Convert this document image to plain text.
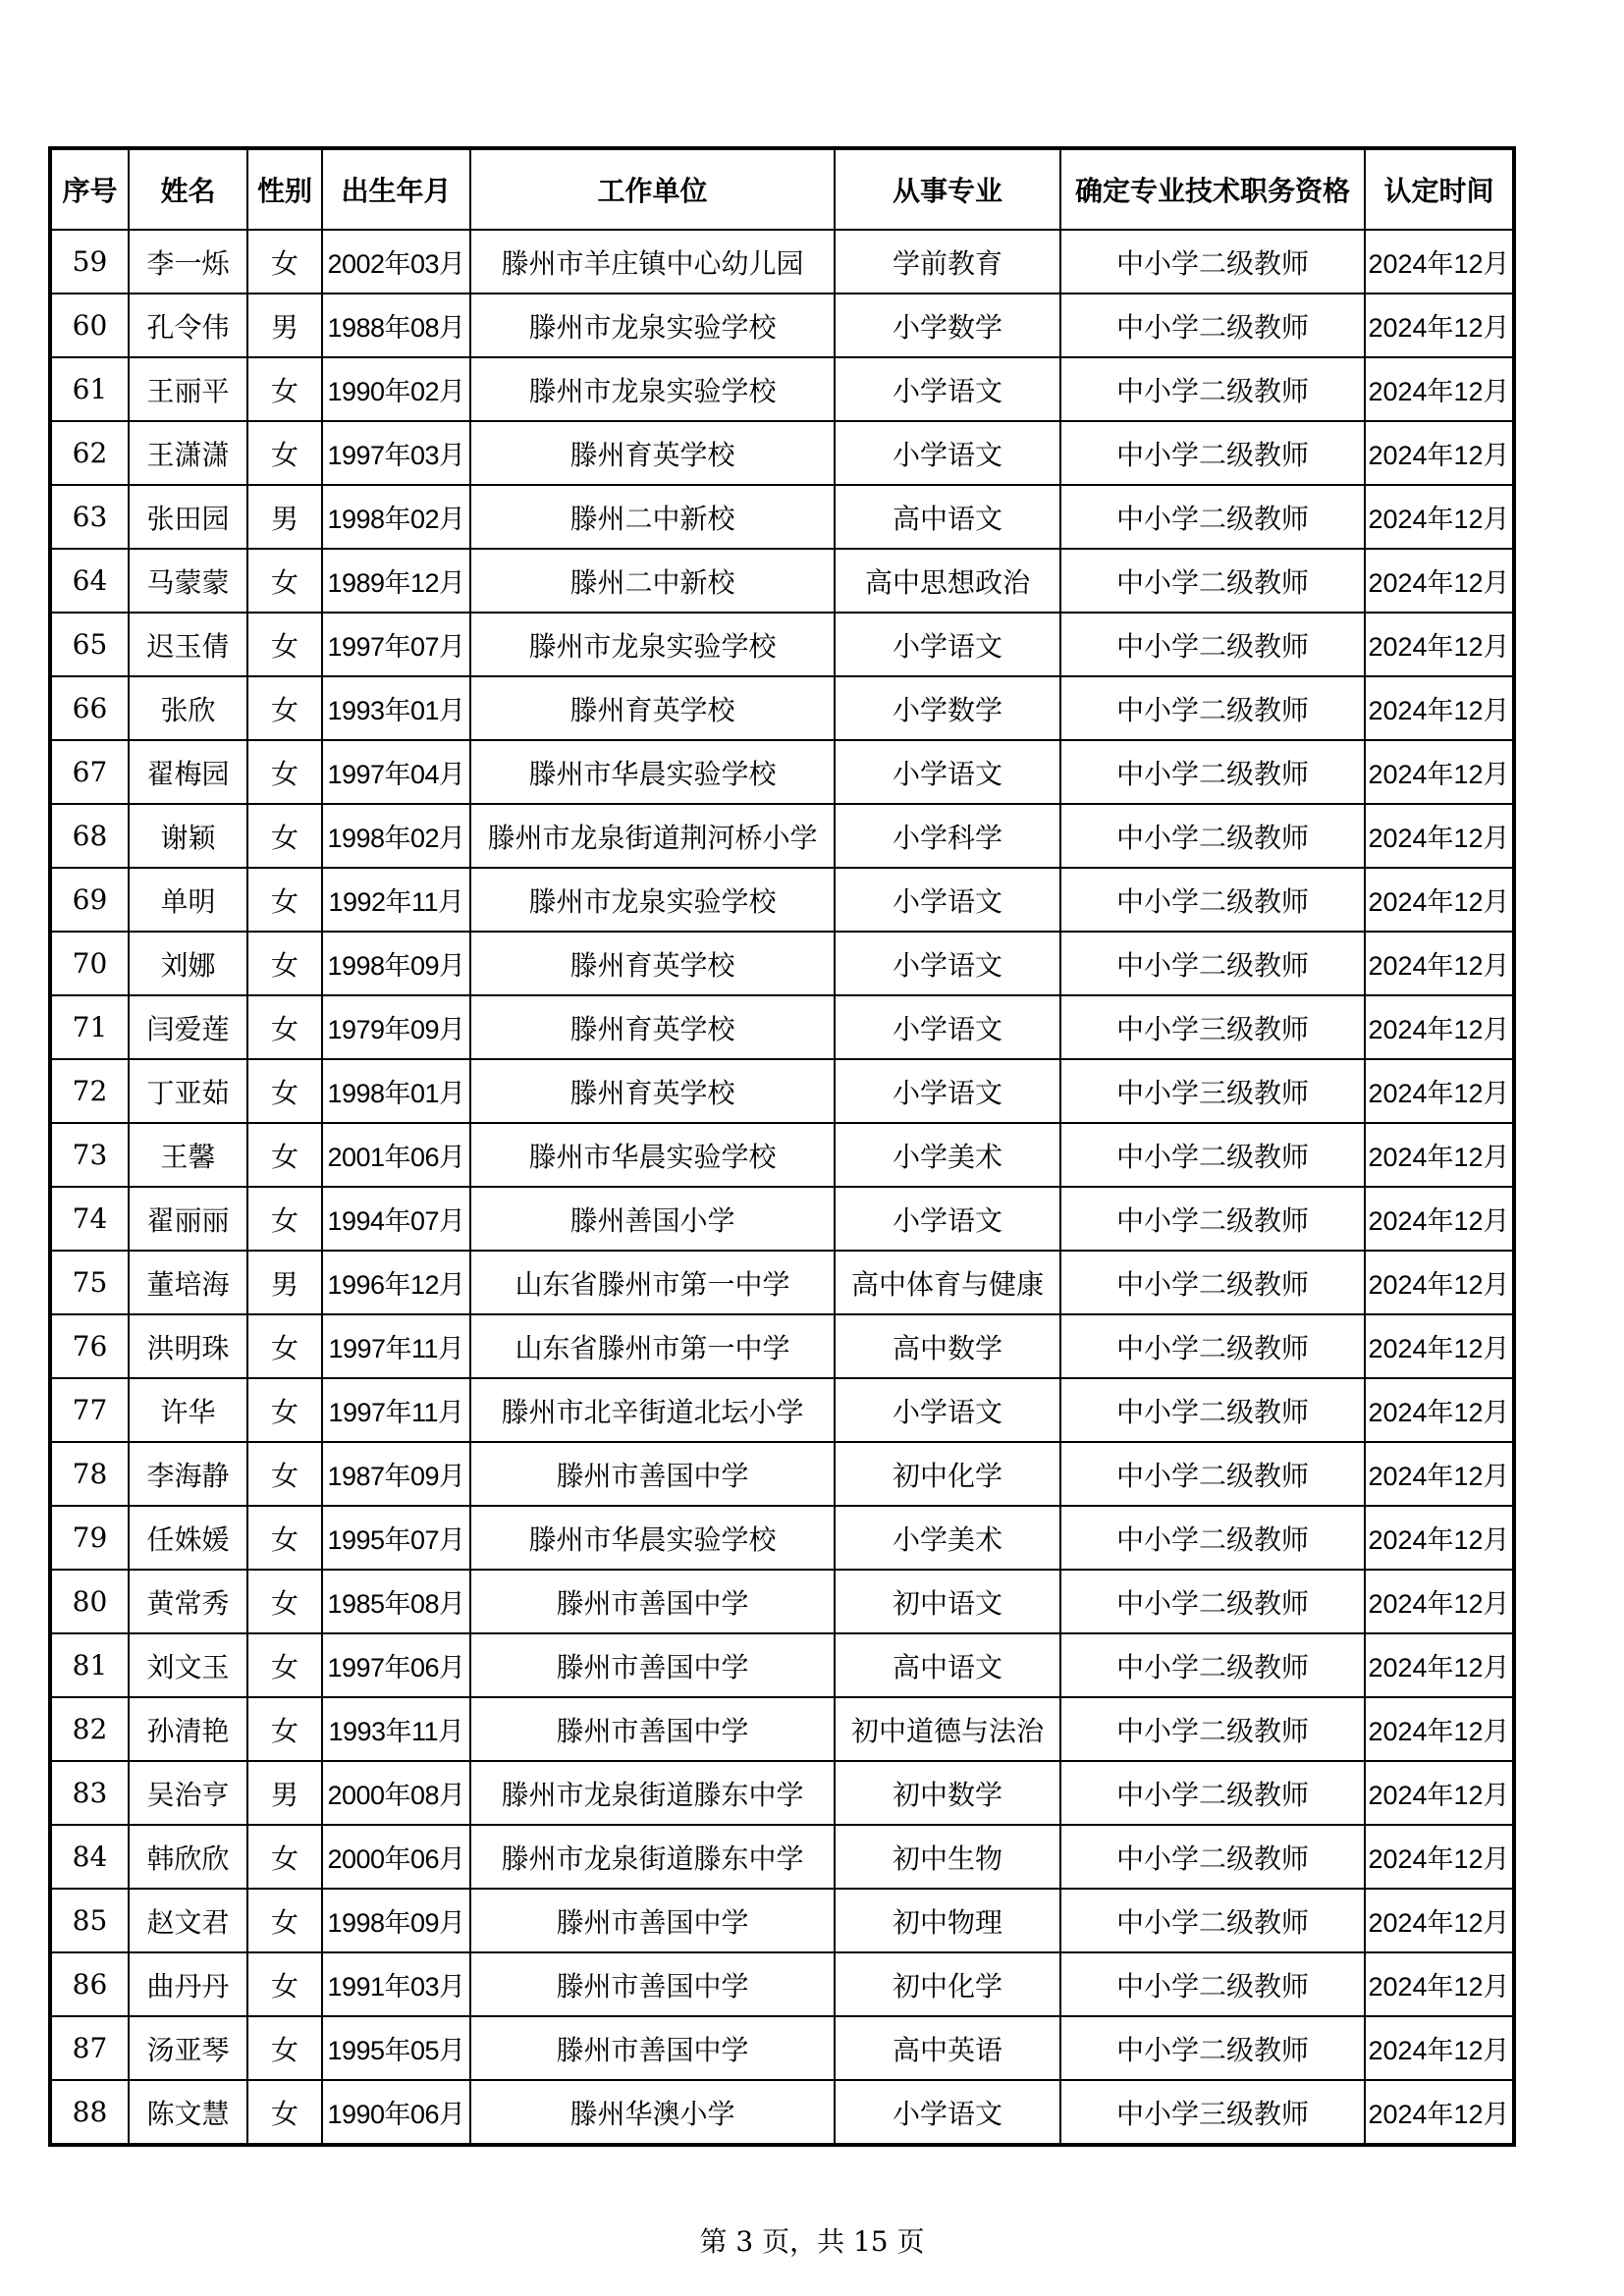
序号	姓名	性别	出生年月	工作单位	从事专业	确定专业技术职务资格	认定时间
59	李一烁	女	2002年03月	滕州市羊庄镇中心幼儿园	学前教育	中小学二级教师	2024年12月
60	孔令伟	男	1988年08月	滕州市龙泉实验学校	小学数学	中小学二级教师	2024年12月
61	王丽平	女	1990年02月	滕州市龙泉实验学校	小学语文	中小学二级教师	2024年12月
62	王潇潇	女	1997年03月	滕州育英学校	小学语文	中小学二级教师	2024年12月
63	张田园	男	1998年02月	滕州二中新校	高中语文	中小学二级教师	2024年12月
64	马蒙蒙	女	1989年12月	滕州二中新校	高中思想政治	中小学二级教师	2024年12月
65	迟玉倩	女	1997年07月	滕州市龙泉实验学校	小学语文	中小学二级教师	2024年12月
66	张欣	女	1993年01月	滕州育英学校	小学数学	中小学二级教师	2024年12月
67	翟梅园	女	1997年04月	滕州市华晨实验学校	小学语文	中小学二级教师	2024年12月
68	谢颖	女	1998年02月	滕州市龙泉街道荆河桥小学	小学科学	中小学二级教师	2024年12月
69	单明	女	1992年11月	滕州市龙泉实验学校	小学语文	中小学二级教师	2024年12月
70	刘娜	女	1998年09月	滕州育英学校	小学语文	中小学二级教师	2024年12月
71	闫爱莲	女	1979年09月	滕州育英学校	小学语文	中小学三级教师	2024年12月
72	丁亚茹	女	1998年01月	滕州育英学校	小学语文	中小学三级教师	2024年12月
73	王馨	女	2001年06月	滕州市华晨实验学校	小学美术	中小学二级教师	2024年12月
74	翟丽丽	女	1994年07月	滕州善国小学	小学语文	中小学二级教师	2024年12月
75	董培海	男	1996年12月	山东省滕州市第一中学	高中体育与健康	中小学二级教师	2024年12月
76	洪明珠	女	1997年11月	山东省滕州市第一中学	高中数学	中小学二级教师	2024年12月
77	许华	女	1997年11月	滕州市北辛街道北坛小学	小学语文	中小学二级教师	2024年12月
78	李海静	女	1987年09月	滕州市善国中学	初中化学	中小学二级教师	2024年12月
79	任姝媛	女	1995年07月	滕州市华晨实验学校	小学美术	中小学二级教师	2024年12月
80	黄常秀	女	1985年08月	滕州市善国中学	初中语文	中小学二级教师	2024年12月
81	刘文玉	女	1997年06月	滕州市善国中学	高中语文	中小学二级教师	2024年12月
82	孙清艳	女	1993年11月	滕州市善国中学	初中道德与法治	中小学二级教师	2024年12月
83	吴治亨	男	2000年08月	滕州市龙泉街道滕东中学	初中数学	中小学二级教师	2024年12月
84	韩欣欣	女	2000年06月	滕州市龙泉街道滕东中学	初中生物	中小学二级教师	2024年12月
85	赵文君	女	1998年09月	滕州市善国中学	初中物理	中小学二级教师	2024年12月
86	曲丹丹	女	1991年03月	滕州市善国中学	初中化学	中小学二级教师	2024年12月
87	汤亚琴	女	1995年05月	滕州市善国中学	高中英语	中小学二级教师	2024年12月
88	陈文慧	女	1990年06月	滕州华澳小学	小学语文	中小学三级教师	2024年12月
第 3 页，共 15 页
